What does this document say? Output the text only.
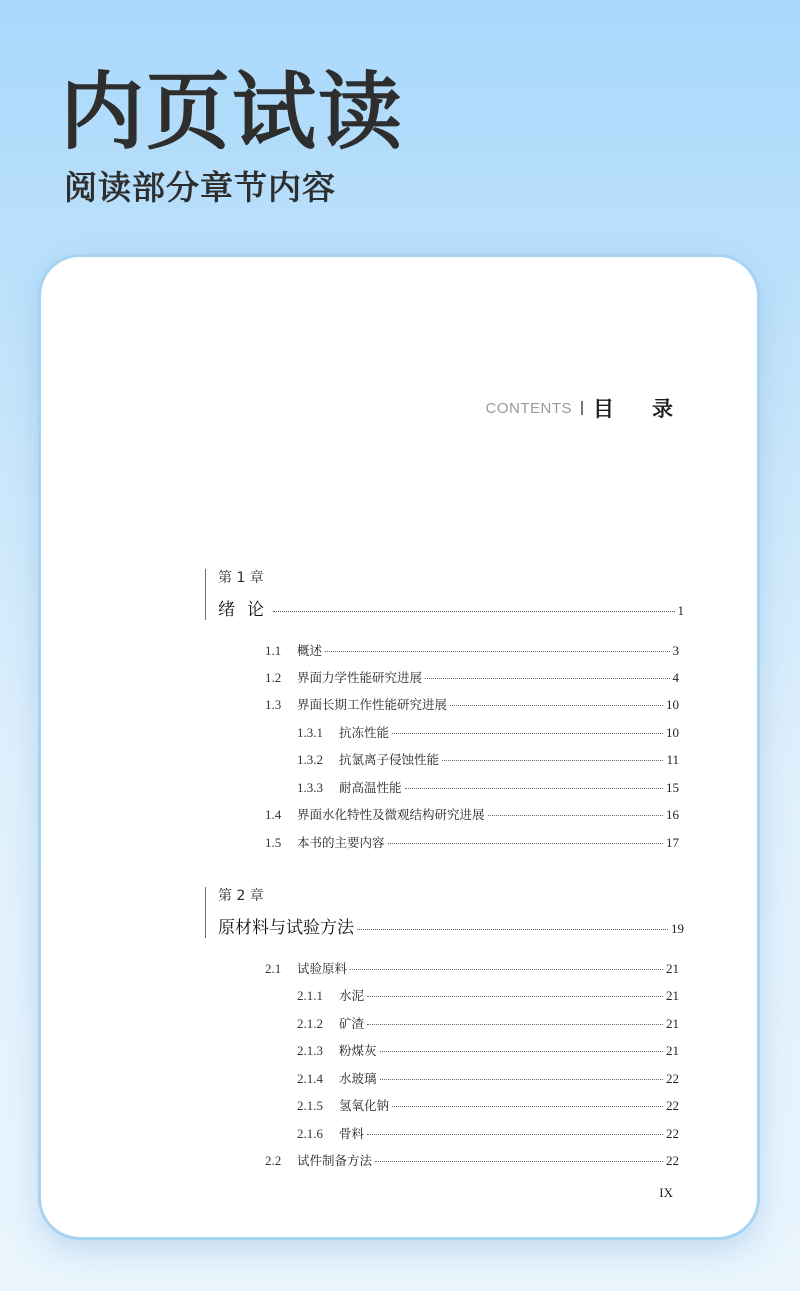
内页试读
阅读部分章节内容
CONTENTS 目录
第 1 章
绪论	1
1.1	概述	3
1.2	界面力学性能研究进展	4
1.3	界面长期工作性能研究进展	10
1.3.1	抗冻性能	10
1.3.2	抗氯离子侵蚀性能	11
1.3.3	耐高温性能	15
1.4	界面水化特性及微观结构研究进展	16
1.5	本书的主要内容	17
第 2 章
原材料与试验方法	19
2.1	试验原料	21
2.1.1	水泥	21
2.1.2	矿渣	21
2.1.3	粉煤灰	21
2.1.4	水玻璃	22
2.1.5	氢氧化钠	22
2.1.6	骨料	22
2.2	试件制备方法	22
IX
